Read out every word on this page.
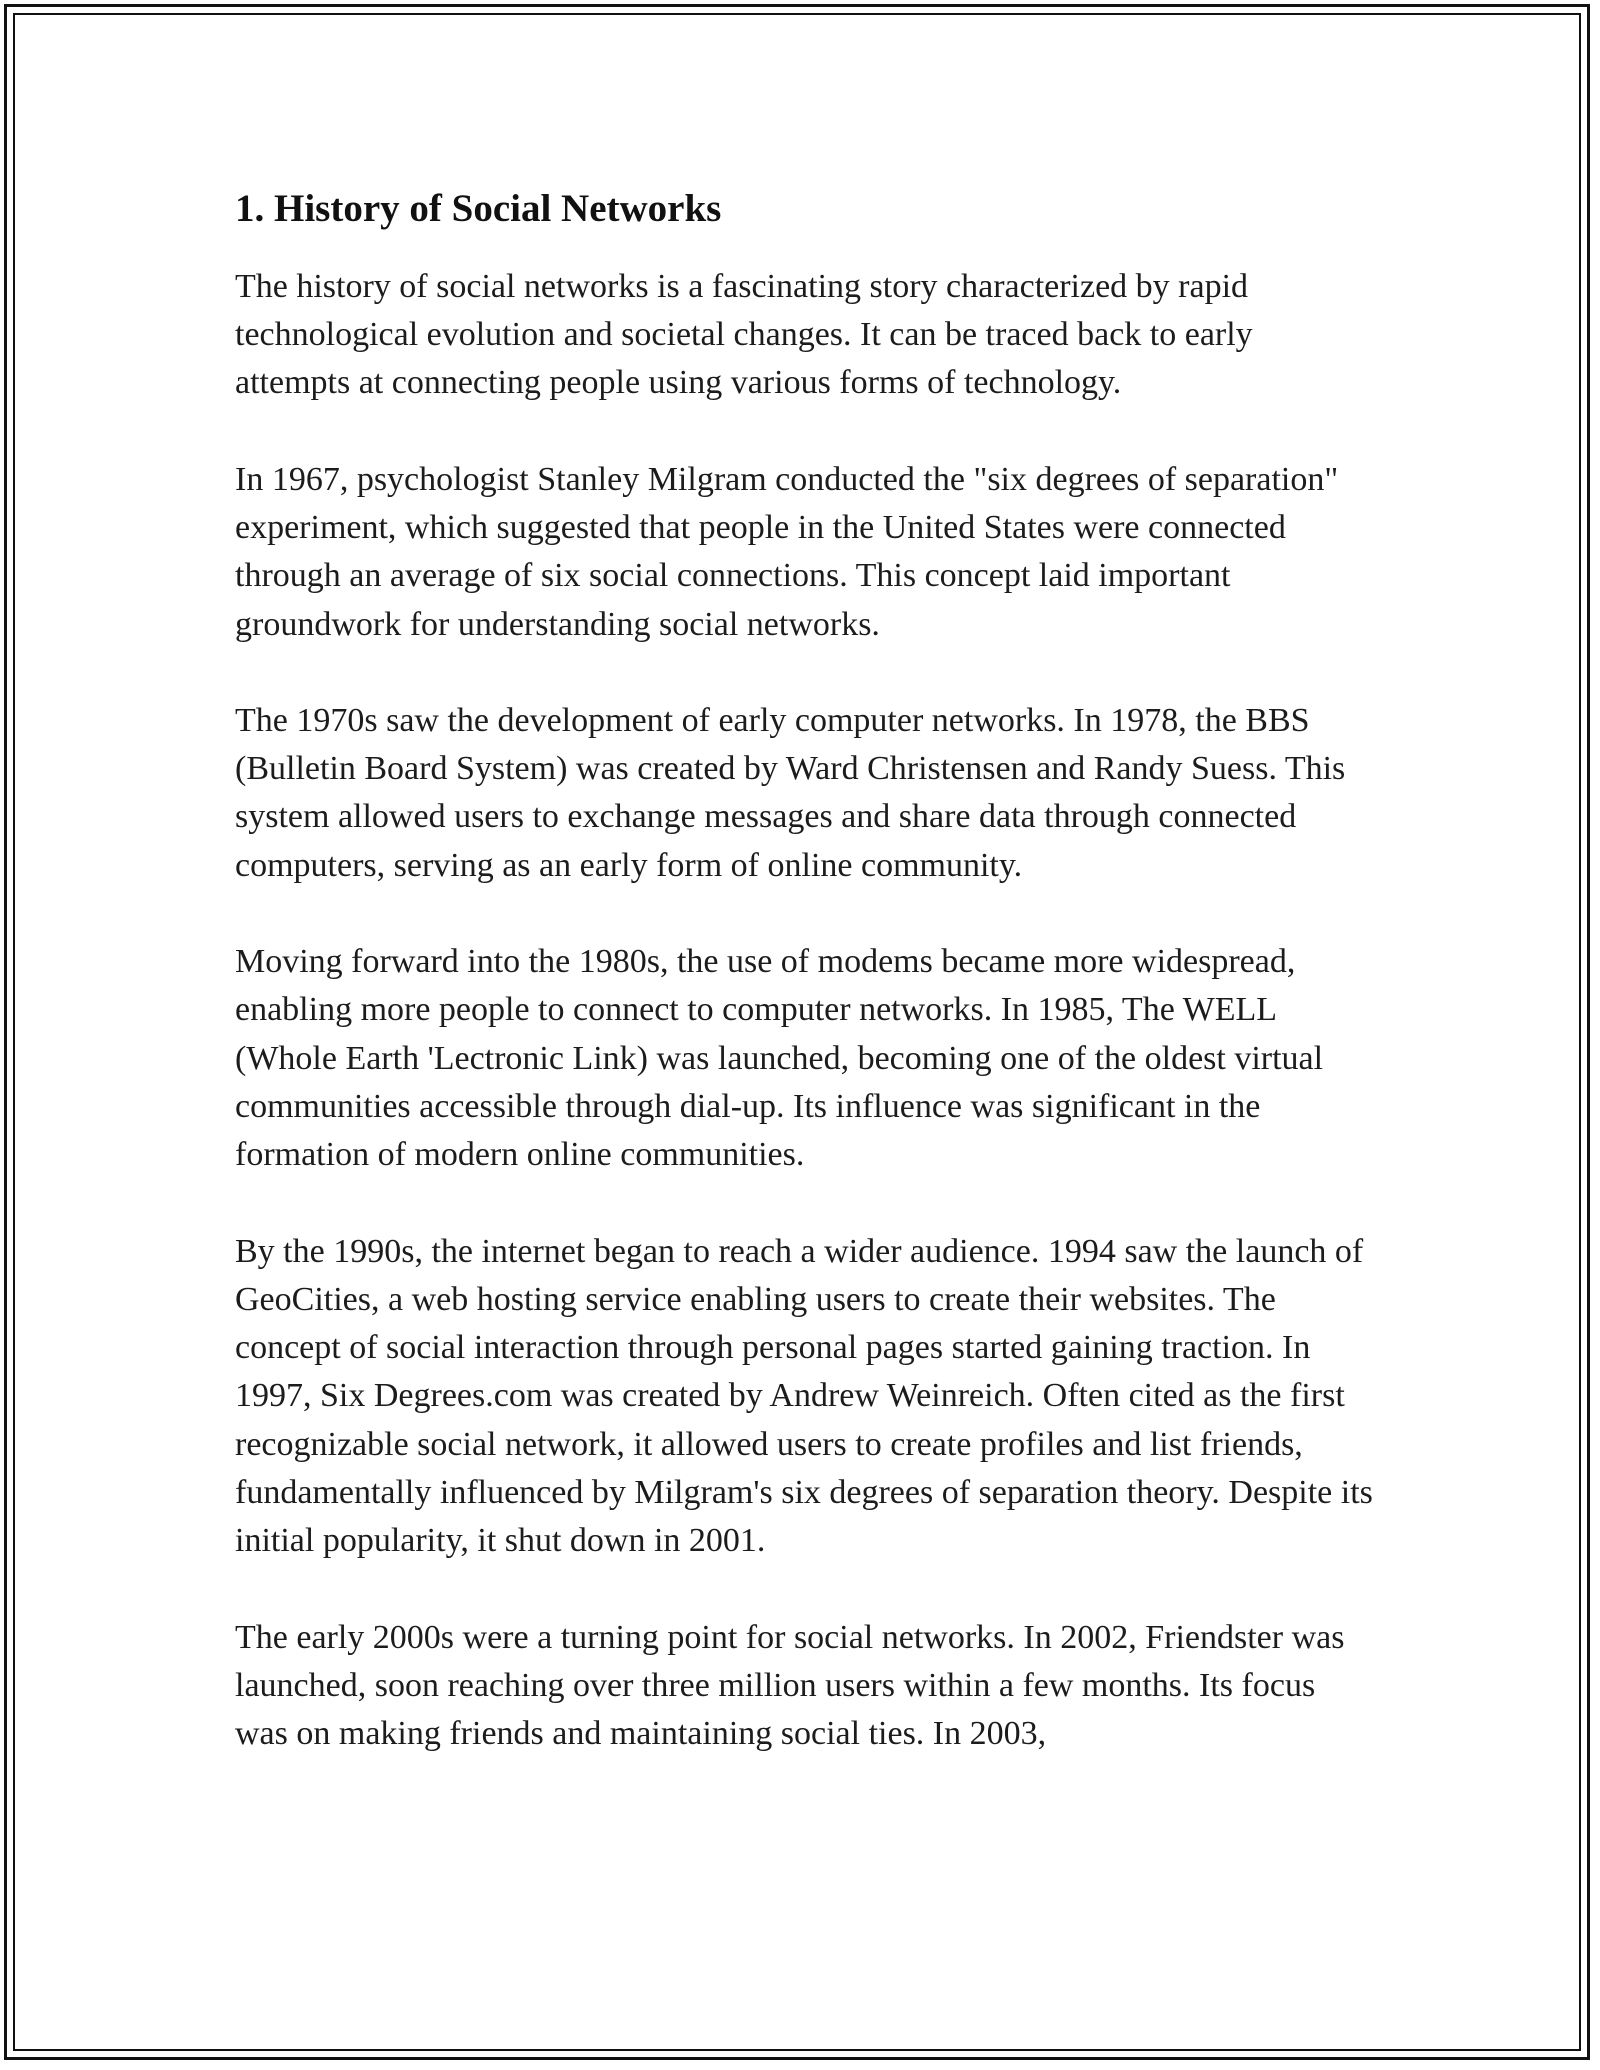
1. History of Social Networks

The history of social networks is a fascinating story characterized by rapid technological evolution and societal changes. It can be traced back to early attempts at connecting people using various forms of technology.

In 1967, psychologist Stanley Milgram conducted the "six degrees of separation" experiment, which suggested that people in the United States were connected through an average of six social connections. This concept laid important groundwork for understanding social networks.

The 1970s saw the development of early computer networks. In 1978, the BBS (Bulletin Board System) was created by Ward Christensen and Randy Suess. This system allowed users to exchange messages and share data through connected computers, serving as an early form of online community.

Moving forward into the 1980s, the use of modems became more widespread, enabling more people to connect to computer networks. In 1985, The WELL (Whole Earth 'Lectronic Link) was launched, becoming one of the oldest virtual communities accessible through dial-up. Its influence was significant in the formation of modern online communities.

By the 1990s, the internet began to reach a wider audience. 1994 saw the launch of GeoCities, a web hosting service enabling users to create their websites. The concept of social interaction through personal pages started gaining traction. In 1997, Six Degrees.com was created by Andrew Weinreich. Often cited as the first recognizable social network, it allowed users to create profiles and list friends, fundamentally influenced by Milgram's six degrees of separation theory. Despite its initial popularity, it shut down in 2001.

The early 2000s were a turning point for social networks. In 2002, Friendster was launched, soon reaching over three million users within a few months. Its focus was on making friends and maintaining social ties. In 2003,
